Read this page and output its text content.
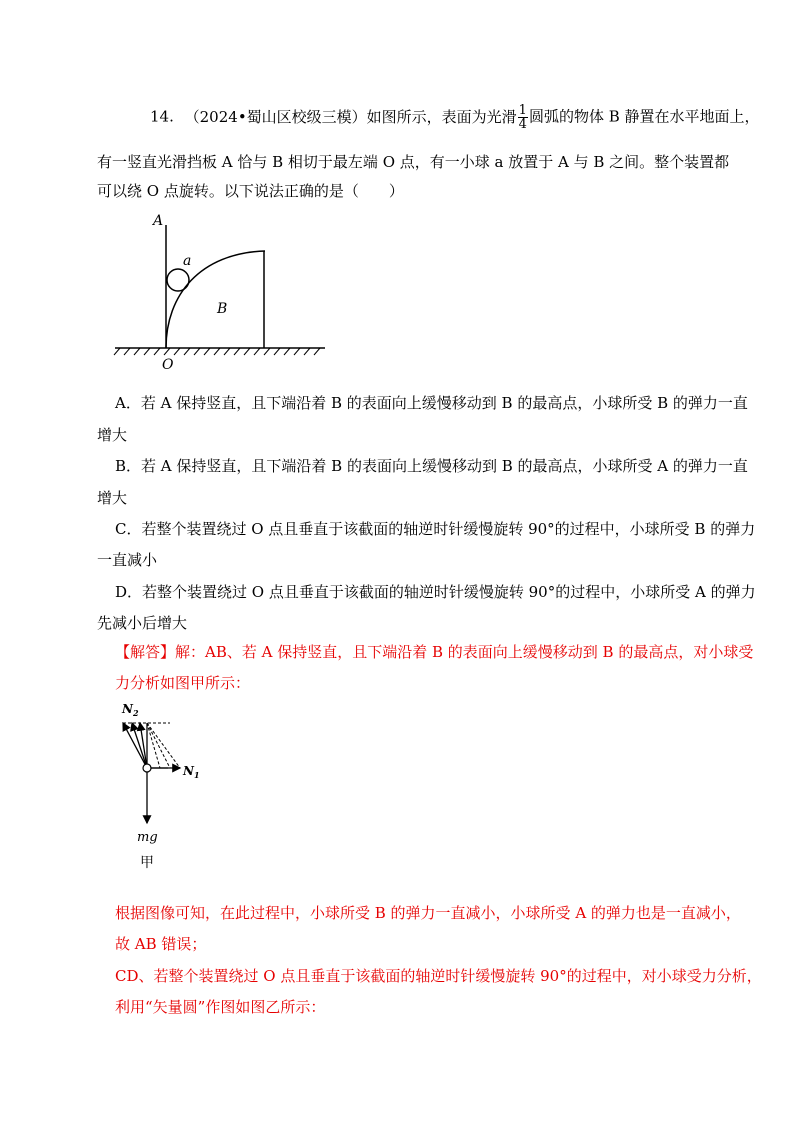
14. （2024•蜀山区校级三模）如图所示，表面为光滑 $\frac{1}{4}$ 圆弧的物体 B 静置在水平地面上，
有一竖直光滑挡板 A 恰与 B 相切于最左端 O 点，有一小球 a 放置于 A 与 B 之间。整个装置都
可以绕 O 点旋转。以下说法正确的是（　　）
A
a
B
O
A．若 A 保持竖直，且下端沿着 B 的表面向上缓慢移动到 B 的最高点，小球所受 B 的弹力一直
增大
B．若 A 保持竖直，且下端沿着 B 的表面向上缓慢移动到 B 的最高点，小球所受 A 的弹力一直
增大
C．若整个装置绕过 O 点且垂直于该截面的轴逆时针缓慢旋转 90°的过程中，小球所受 B 的弹力
一直减小
D．若整个装置绕过 O 点且垂直于该截面的轴逆时针缓慢旋转 90°的过程中，小球所受 A 的弹力
先减小后增大
【解答】解：AB、若 A 保持竖直，且下端沿着 B 的表面向上缓慢移动到 B 的最高点，对小球受
力分析如图甲所示：
$N_2$
$N_1$
mg
甲
根据图像可知，在此过程中，小球所受 B 的弹力一直减小，小球所受 A 的弹力也是一直减小，
故 AB 错误；
CD、若整个装置绕过 O 点且垂直于该截面的轴逆时针缓慢旋转 90°的过程中，对小球受力分析，
利用“矢量圆”作图如图乙所示：
